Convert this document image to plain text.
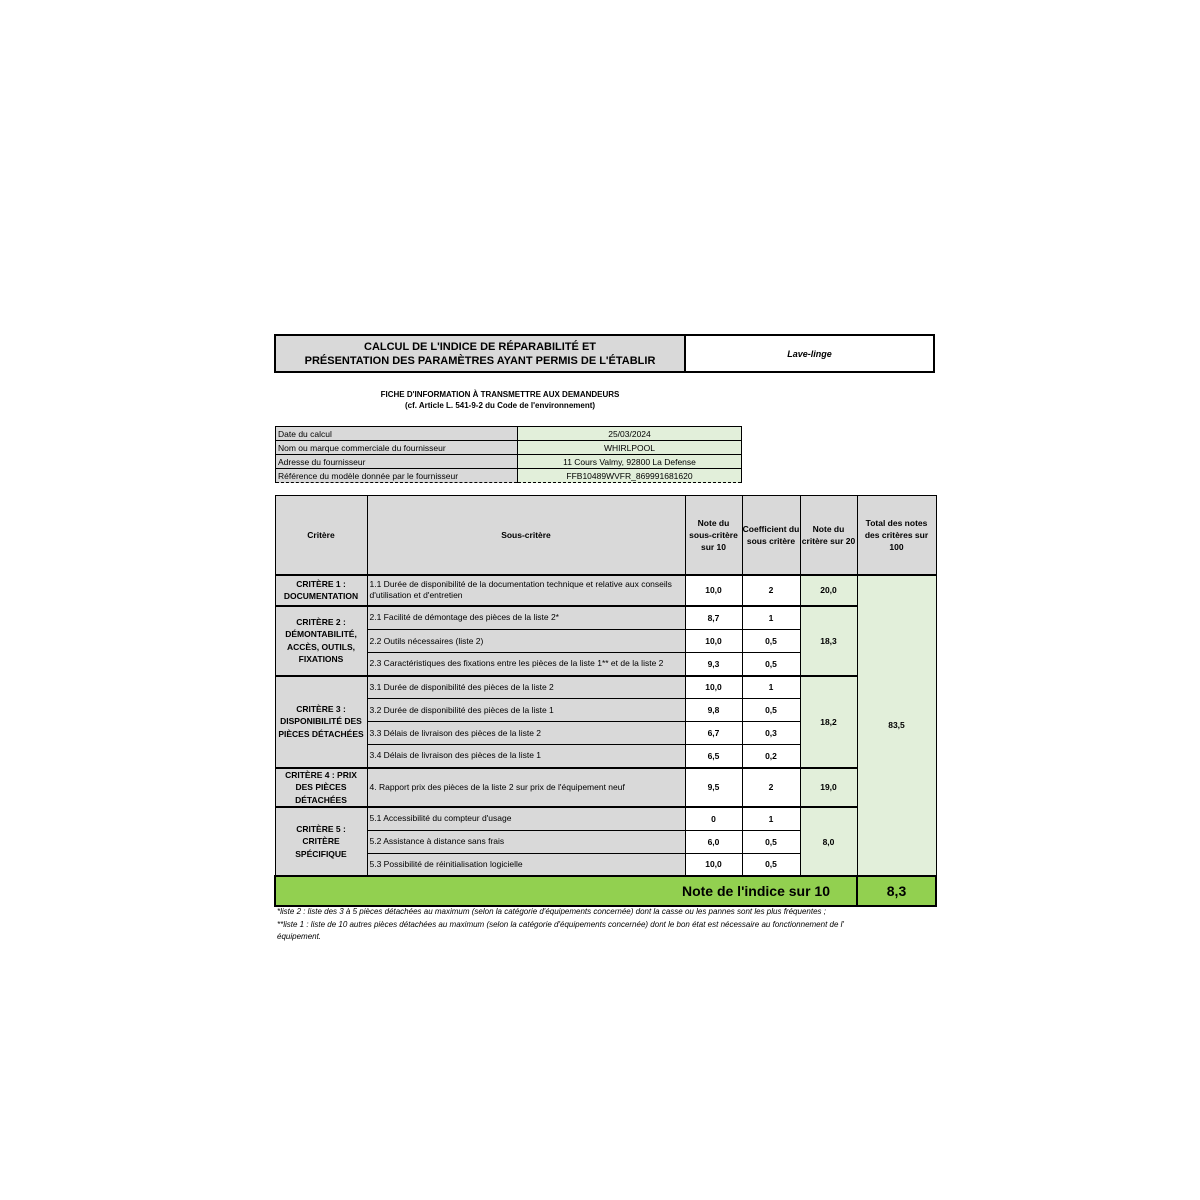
CALCUL DE L'INDICE DE RÉPARABILITÉ ET
PRÉSENTATION DES PARAMÈTRES AYANT PERMIS DE L'ÉTABLIR
Lave-linge
FICHE D'INFORMATION À TRANSMETTRE AUX DEMANDEURS
(cf. Article L. 541-9-2 du Code de l'environnement)
Date du calcul	25/03/2024
Nom ou marque commerciale du fournisseur	WHIRLPOOL
Adresse du fournisseur	11 Cours Valmy, 92800 La Defense
Référence du modèle donnée par le fournisseur	FFB10489WVFR_869991681620
Critère	Sous-critère	Note du sous-critère sur 10	Coefficient du sous critère	Note du critère sur 20	Total des notes des critères sur 100
CRITÈRE 1 : DOCUMENTATION	1.1 Durée de disponibilité de la documentation technique et relative aux conseils d'utilisation et d'entretien	10,0	2	20,0	83,5
CRITÈRE 2 : DÉMONTABILITÉ, ACCÈS, OUTILS, FIXATIONS	2.1 Facilité de démontage des pièces de la liste 2*	8,7	1	18,3	
	2.2 Outils nécessaires (liste 2)	10,0	0,5		
	2.3 Caractéristiques des fixations entre les pièces de la liste 1** et de la liste 2	9,3	0,5		
CRITÈRE 3 : DISPONIBILITÉ DES PIÈCES DÉTACHÉES	3.1 Durée de disponibilité des pièces de la liste 2	10,0	1	18,2	
	3.2 Durée de disponibilité des pièces de la liste 1	9,8	0,5		
	3.3 Délais de livraison des pièces de la liste 2	6,7	0,3		
	3.4 Délais de livraison des pièces de la liste 1	6,5	0,2		
CRITÈRE 4 : PRIX DES PIÈCES DÉTACHÉES	4. Rapport prix des pièces de la liste 2 sur prix de l'équipement neuf	9,5	2	19,0	
CRITÈRE 5 : CRITÈRE SPÉCIFIQUE	5.1 Accessibilité du compteur d'usage	0	1	8,0	
	5.2 Assistance à distance sans frais	6,0	0,5		
	5.3 Possibilité de réinitialisation logicielle	10,0	0,5		
Note de l'indice sur 10					8,3
*liste 2 : liste des 3 à 5 pièces détachées au maximum (selon la catégorie d'équipements concernée) dont la casse ou les pannes sont les plus fréquentes ;
**liste 1 : liste de 10 autres pièces détachées au maximum (selon la catégorie d'équipements concernée) dont le bon état est nécessaire au fonctionnement de l'
équipement.
